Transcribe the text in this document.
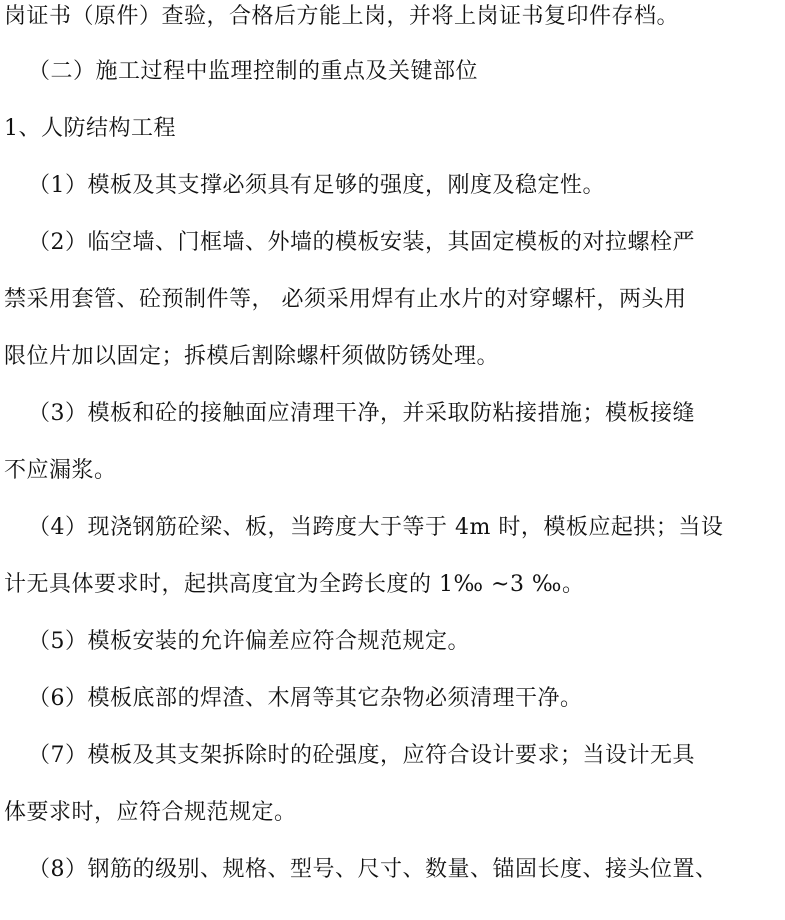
岗证书（原件）查验，合格后方能上岗，并将上岗证书复印件存档。
（二）施工过程中监理控制的重点及关键部位
1、人防结构工程
（1）模板及其支撑必须具有足够的强度，刚度及稳定性。
（2）临空墙、门框墙、外墙的模板安装，其固定模板的对拉螺栓严
禁采用套管、砼预制件等， 必须采用焊有止水片的对穿螺杆，两头用
限位片加以固定；拆模后割除螺杆须做防锈处理。
（3）模板和砼的接触面应清理干净，并采取防粘接措施；模板接缝
不应漏浆。
（4）现浇钢筋砼梁、板，当跨度大于等于 4m 时，模板应起拱；当设
计无具体要求时，起拱高度宜为全跨长度的 1‰ ~3 ‰。
（5）模板安装的允许偏差应符合规范规定。
（6）模板底部的焊渣、木屑等其它杂物必须清理干净。
（7）模板及其支架拆除时的砼强度，应符合设计要求；当设计无具
体要求时，应符合规范规定。
（8）钢筋的级别、规格、型号、尺寸、数量、锚固长度、接头位置、
